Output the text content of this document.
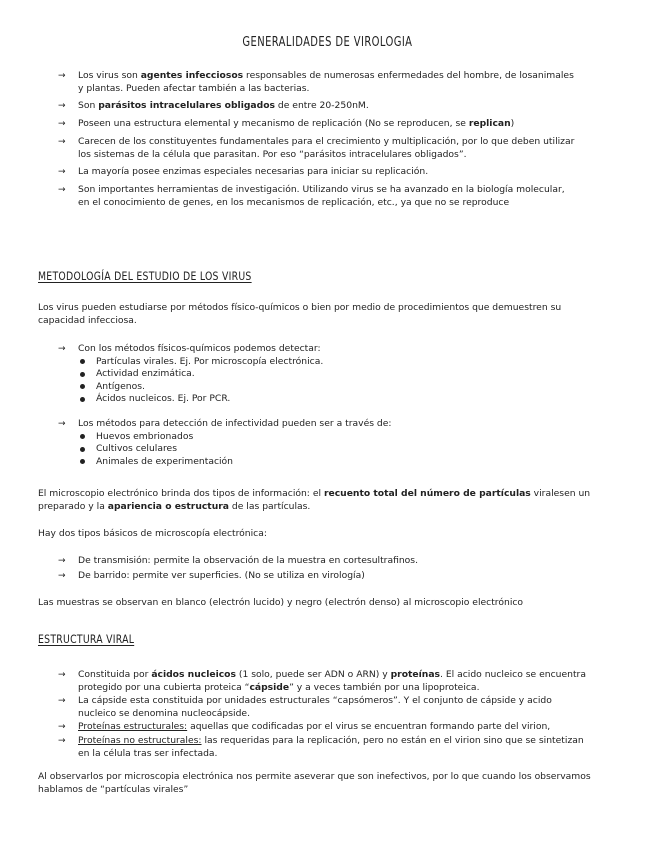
GENERALIDADES DE VIROLOGIA
→ Los virus son agentes infecciosos responsables de numerosas enfermedades del hombre, de losanimales y plantas. Pueden afectar también a las bacterias.
→ Son parásitos intracelulares obligados de entre 20-250nM.
→ Poseen una estructura elemental y mecanismo de replicación (No se reproducen, se replican)
→ Carecen de los constituyentes fundamentales para el crecimiento y multiplicación, por lo que deben utilizar los sistemas de la célula que parasitan. Por eso “parásitos intracelulares obligados”.
→ La mayoría posee enzimas especiales necesarias para iniciar su replicación.
→ Son importantes herramientas de investigación. Utilizando virus se ha avanzado en la biología molecular, en el conocimiento de genes, en los mecanismos de replicación, etc., ya que no se reproduce
METODOLOGÍA DEL ESTUDIO DE LOS VIRUS

Los virus pueden estudiarse por métodos físico-químicos o bien por medio de procedimientos que demuestren su capacidad infecciosa.

→ Con los métodos físicos-químicos podemos detectar:
Partículas virales. Ej. Por microscopía electrónica.
Actividad enzimática.
Antígenos.
Ácidos nucleicos. Ej. Por PCR.
→ Los métodos para detección de infectividad pueden ser a través de:
Huevos embrionados
Cultivos celulares
Animales de experimentación

El microscopio electrónico brinda dos tipos de información: el recuento total del número de partículas viralesen un preparado y la apariencia o estructura de las partículas.

Hay dos tipos básicos de microscopía electrónica:

→ De transmisión: permite la observación de la muestra en cortesultrafinos.
→ De barrido: permite ver superficies. (No se utiliza en virología)

Las muestras se observan en blanco (electrón lucido) y negro (electrón denso) al microscopio electrónico

ESTRUCTURA VIRAL
→ Constituida por ácidos nucleicos (1 solo, puede ser ADN o ARN) y proteínas. El acido nucleico se encuentra protegido por una cubierta proteica “cápside” y a veces también por una lipoproteica.
→ La cápside esta constituida por unidades estructurales “capsómeros”. Y el conjunto de cápside y acido nucleico se denomina nucleocápside.
→ Proteínas estructurales: aquellas que codificadas por el virus se encuentran formando parte del virion,
→ Proteínas no estructurales: las requeridas para la replicación, pero no están en el virion sino que se sintetizan en la célula tras ser infectada.

Al observarlos por microscopia electrónica nos permite aseverar que son inefectivos, por lo que cuando los observamos hablamos de “partículas virales”
